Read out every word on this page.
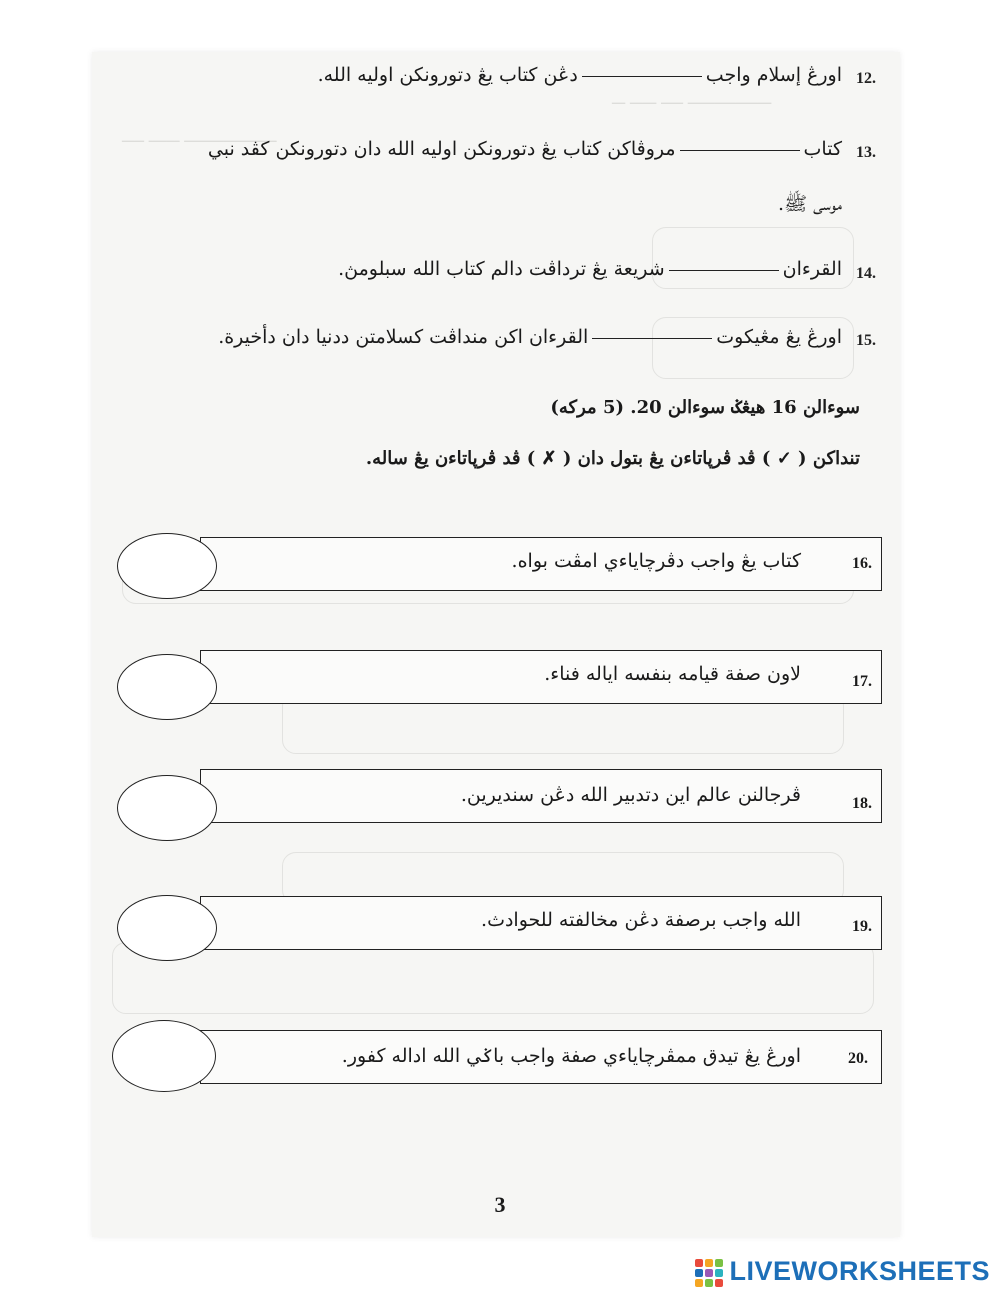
ـــــــــــــــــــ ـــــ ــــــ ـــ
ـــــــــــــــــــــ ـــــــ ـــــ
12.
اورڠ إسلام واجبدڠن كتاب يڠ دتورونكن اوليه الله.
13.
كتابمروڤاكن كتاب يڠ دتورونكن اوليه الله دان دتورونكن كڤد نبي
موسى ﷺ.
14.
القرءانشريعة يڠ ترداڤت دالم كتاب الله سبلومڽ.
15.
اورڠ يڠ مڠيكوتالقرءان اكن منداڤت كسلامتن ددنيا دان دأخيرة.
سوءالن 16 هيڠݢ سوءالن 20. (5 مركه)
تنداكن ( ✓ ) ڤد ڤرڽاتاءن يڠ بتول دان ( ✗ ) ڤد ڤرڽاتاءن يڠ ساله.
كتاب يڠ واجب دڤرچاياءي امڤت بواه.	16.
لاون صفة قيامه بنفسه اياله فناء.	17.
ڤرجالنن عالم اين دتدبير الله دڠن سنديرين.	18.
الله واجب برصفة دڠن مخالفته للحوادث.	19.
اورڠ يڠ تيدق ممڤرچاياءي صفة واجب باݢي الله اداله كفور.	20.
3
LIVEWORKSHEETS
